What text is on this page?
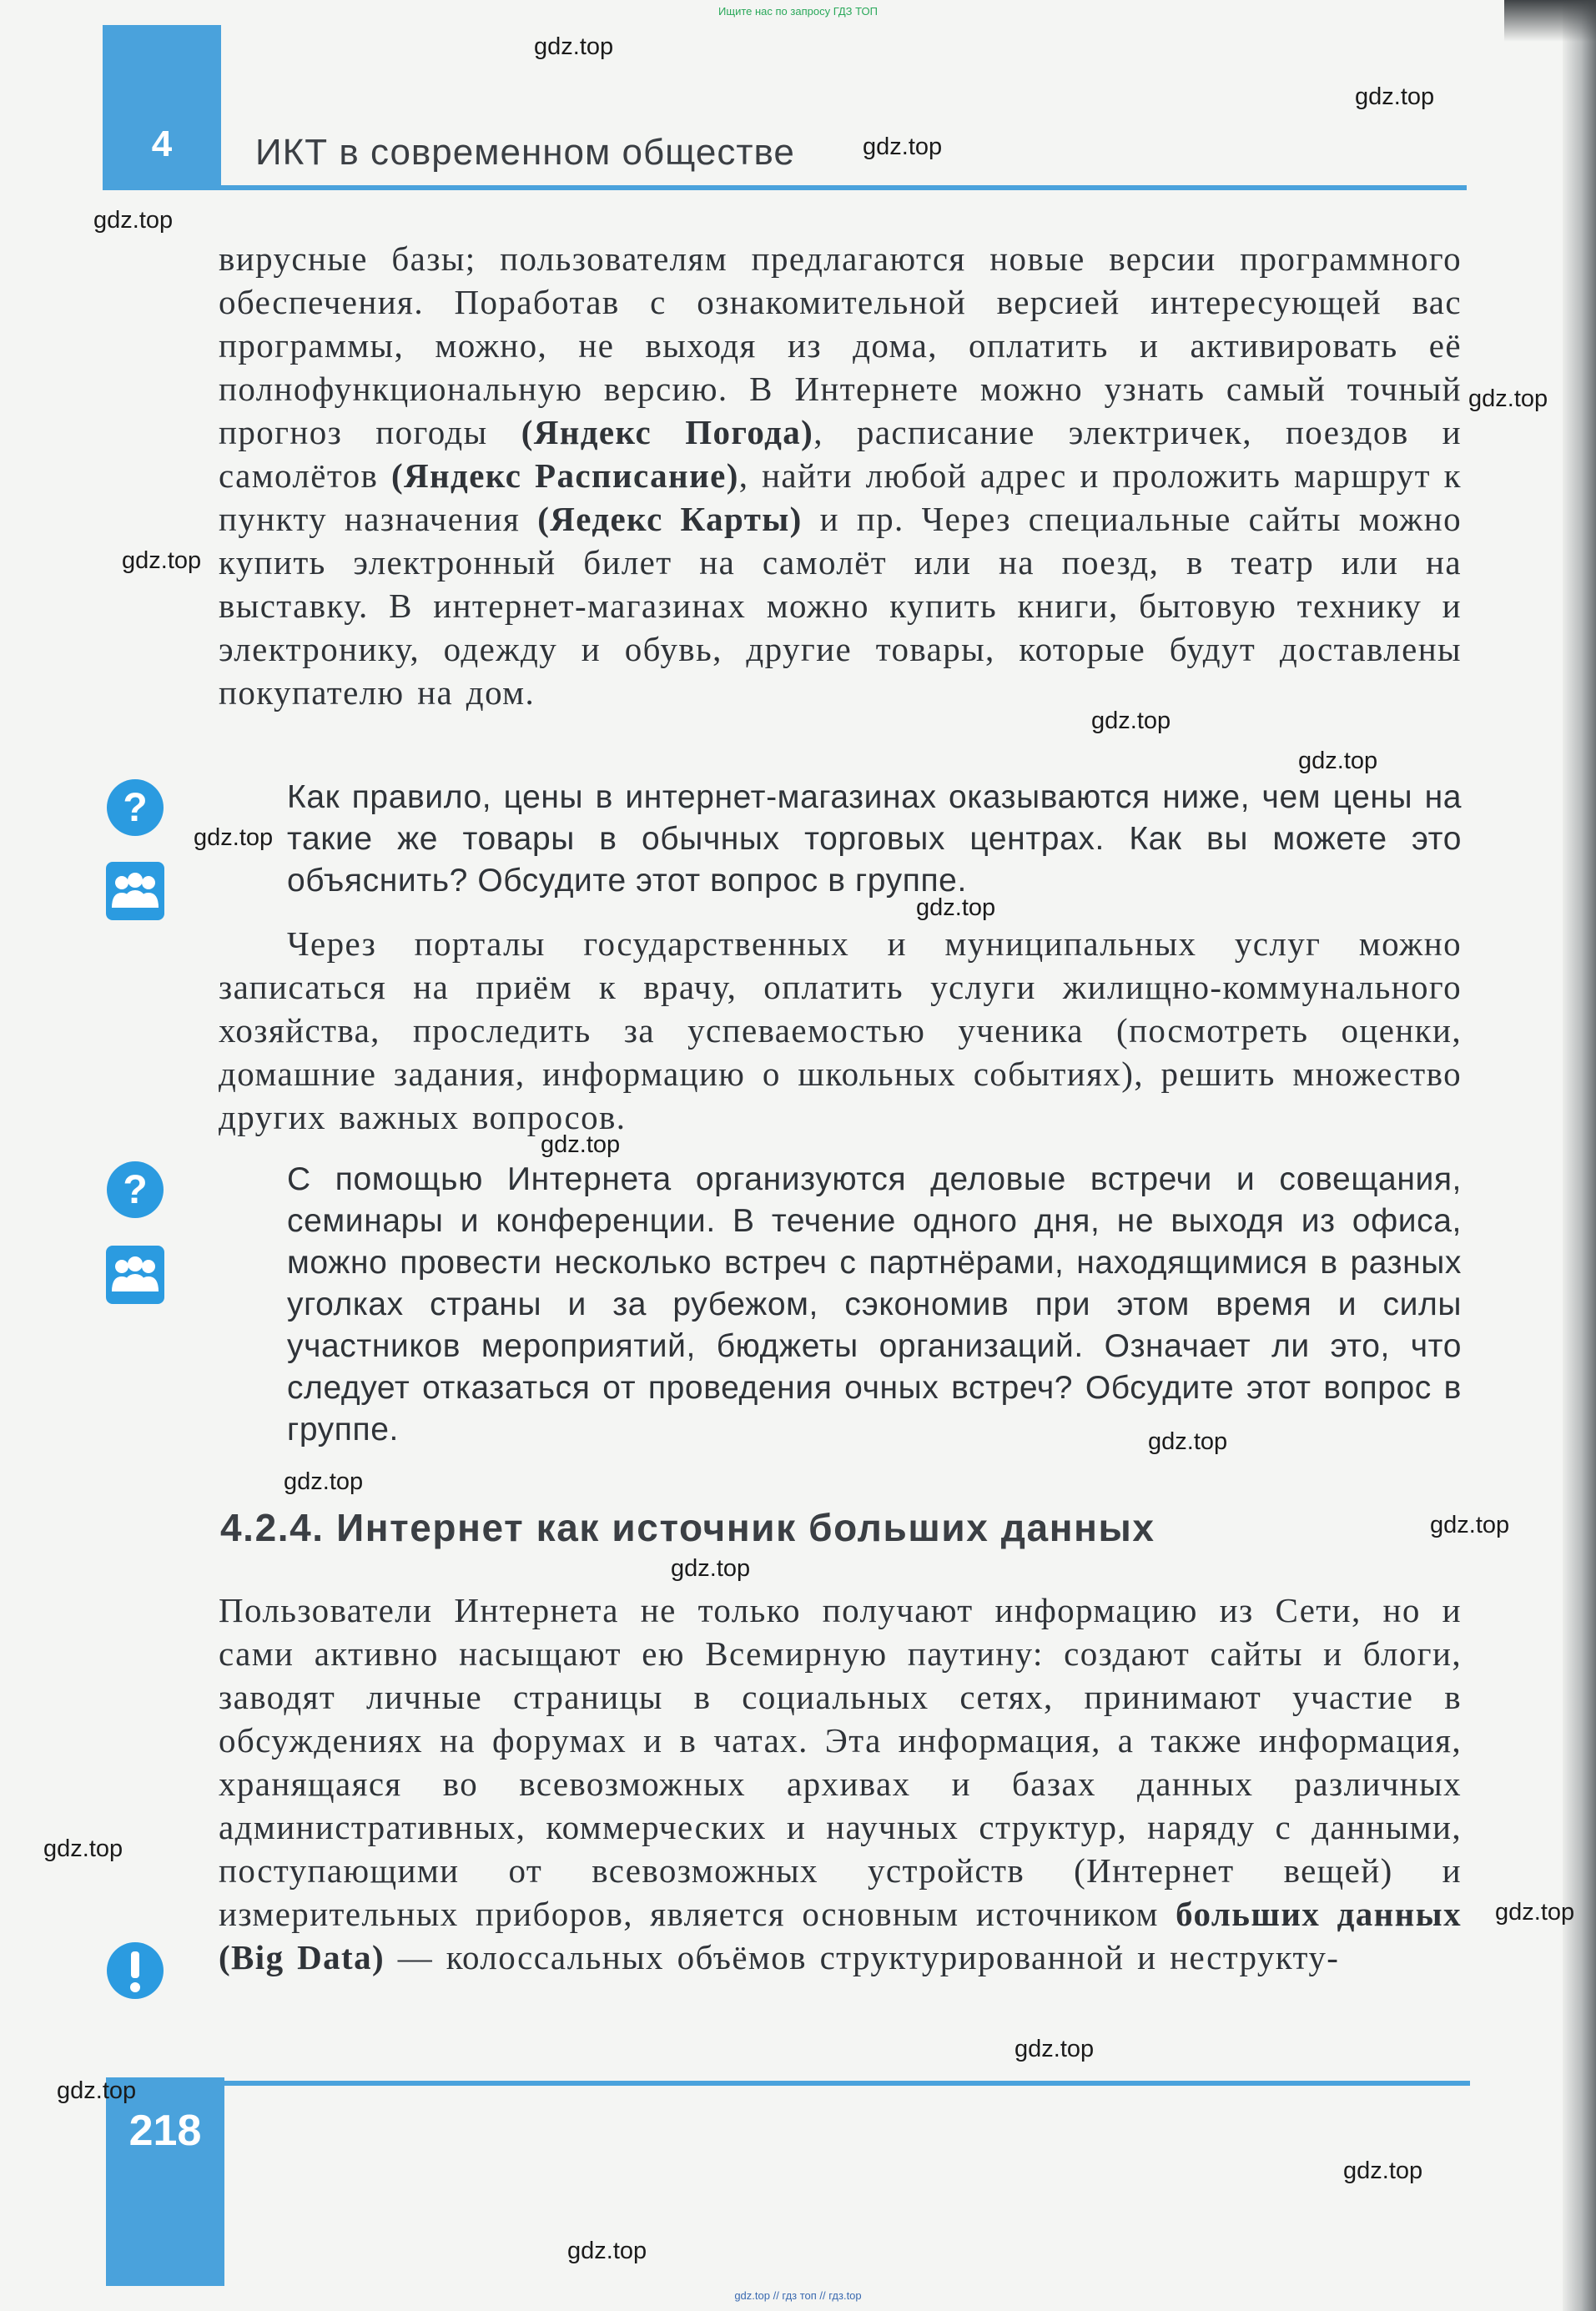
Ищите нас по запросу ГДЗ ТОП
4	ИКТ в современном обществе
вирусные базы; пользователям предлагаются новые версии программного обеспечения. Поработав с ознакомительной версией интересующей вас программы, можно, не выходя из дома, оплатить и активировать её полнофункциональную версию. В Интернете можно узнать самый точный прогноз погоды (Яндекс Погода), расписание электричек, поездов и самолётов (Яндекс Расписание), найти любой адрес и проложить маршрут к пункту назначения (Яедекс Карты) и пр. Через специальные сайты можно купить электронный билет на самолёт или на поезд, в театр или на выставку. В интернет-магазинах можно купить книги, бытовую технику и электронику, одежду и обувь, другие товары, которые будут доставлены покупателю на дом.
?	Как правило, цены в интернет-магазинах оказываются ниже, чем цены на такие же товары в обычных торговых центрах. Как вы можете это объяснить? Обсудите этот вопрос в группе.
Через порталы государственных и муниципальных услуг можно записаться на приём к врачу, оплатить услуги жилищно-коммунального хозяйства, проследить за успеваемостью ученика (посмотреть оценки, домашние задания, информацию о школьных событиях), решить множество других важных вопросов.
?	С помощью Интернета организуются деловые встречи и совещания, семинары и конференции. В течение одного дня, не выходя из офиса, можно провести несколько встреч с партнёрами, находящимися в разных уголках страны и за рубежом, сэкономив при этом время и силы участников мероприятий, бюджеты организаций. Означает ли это, что следует отказаться от проведения очных встреч? Обсудите этот вопрос в группе.
4.2.4. Интернет как источник больших данных
Пользователи Интернета не только получают информацию из Сети, но и сами активно насыщают ею Всемирную паутину: создают сайты и блоги, заводят личные страницы в социальных сетях, принимают участие в обсуждениях на форумах и в чатах. Эта информация, а также информация, хранящаяся во всевозможных архивах и базах данных различных административных, коммерческих и научных структур, наряду с данными, поступающими от всевозможных устройств (Интернет вещей) и измерительных приборов, является основным источником больших данных (Big Data) — колоссальных объёмов структурированной и неструкту-
218
gdz.top // гдз топ // гдз.top
gdz.top
gdz.top
gdz.top
gdz.top
gdz.top
gdz.top
gdz.top
gdz.top
gdz.top
gdz.top
gdz.top
gdz.top
gdz.top
gdz.top
gdz.top
gdz.top
gdz.top
gdz.top
gdz.top
gdz.top
gdz.top
